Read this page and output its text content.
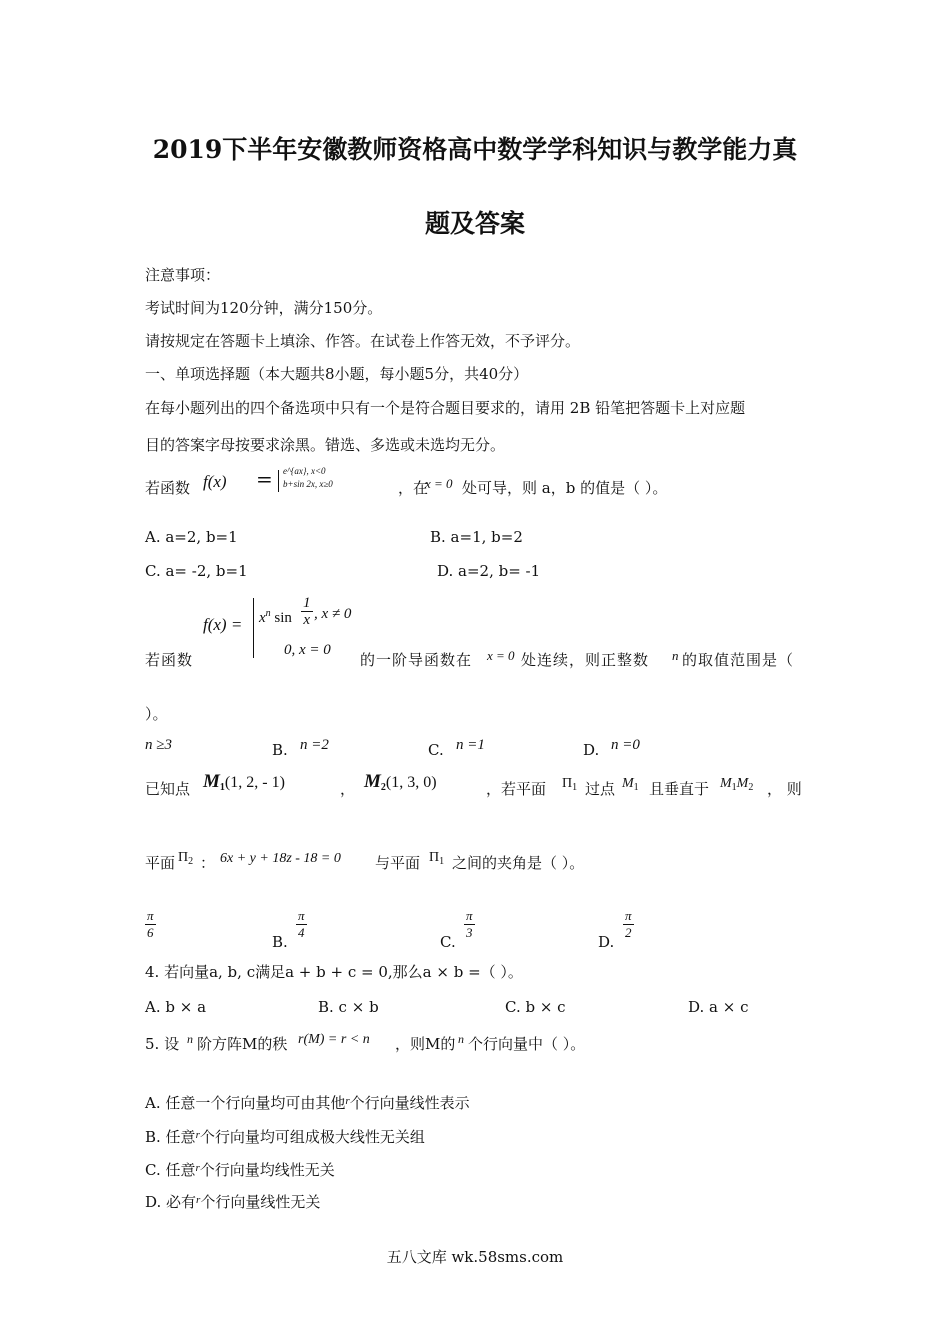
2019下半年安徽教师资格高中数学学科知识与教学能力真
题及答案
注意事项：
考试时间为120分钟，满分150分。
请按规定在答题卡上填涂、作答。在试卷上作答无效，不予评分。
一、单项选择题（本大题共8小题，每小题5分，共40分）
在每小题列出的四个备选项中只有一个是符合题目要求的，请用 2B 铅笔把答题卡上对应题
目的答案字母按要求涂黑。错选、多选或未选均无分。
若函数 f(x) = e^{ax}, x<0
b+sin 2x, x≥0	，在
x = 0 处可导，则 a，b 的值是（ ）。
A. a=2, b=1	B. a=1, b=2
C. a= -2, b=1	D. a=2, b= -1
$f(x) = x^n$ $\sin \frac{1}{x}$ , x ≠ 0
0, x = 0
若函数	的一阶导函数在 x = 0 处连续，则正整数 n 的取值范围是（
）。
n ≥3	B. n =2	C. n =1	D. n =0
已知点 $M_1(1$, 2, - 1)	， $M_2(1$, 3, 0)	，若平面 $\Pi_1$ 过点 $M_1$ 且垂直于 $M_1M_2$ ， 则
平面 $\Pi_2$ ： 6x + y + 18z - 18 = 0 与平面 $\Pi_1$ 之间的夹角是（ ）。
$\frac{\pi}{6}$
B.
$\frac{\pi}{4}$
C.
$\frac{\pi}{3}$
D.
$\frac{\pi}{2}$
4. 若向量a, b, c满足a + b + c = 0,那么a × b =（ ）。
A. b × a	B. c × b	C. b × c	D. a × c
5. 设 n 阶方阵M的秩 r(M) = r < n ，则M的 n 个行向量中（ ）。
A. 任意一个行向量均可由其他$^r$个行向量线性表示
B. 任意$^r$个行向量均可组成极大线性无关组
C. 任意$^r$个行向量均线性无关
D. 必有$^r$个行向量线性无关
五八文库 wk.58sms.com
